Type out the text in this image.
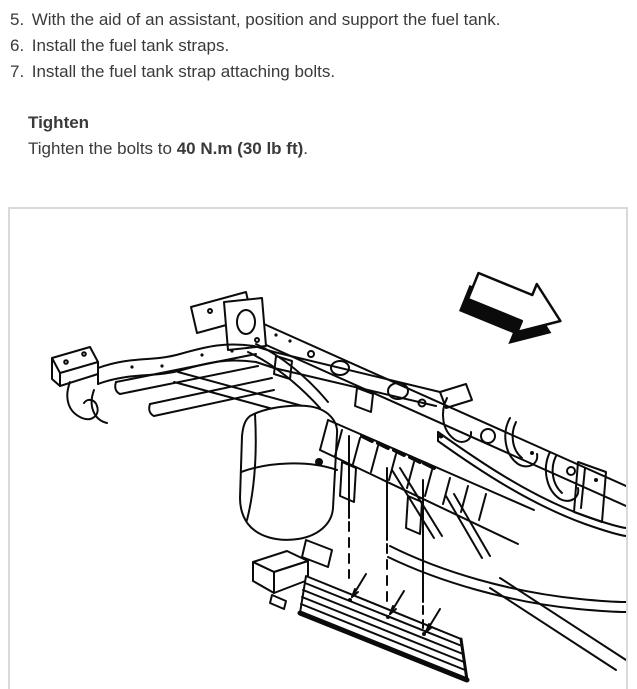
5. With the aid of an assistant, position and support the fuel tank.
6. Install the fuel tank straps.
7. Install the fuel tank strap attaching bolts.

Tighten

Tighten the bolts to 40 N.m (30 lb ft).
